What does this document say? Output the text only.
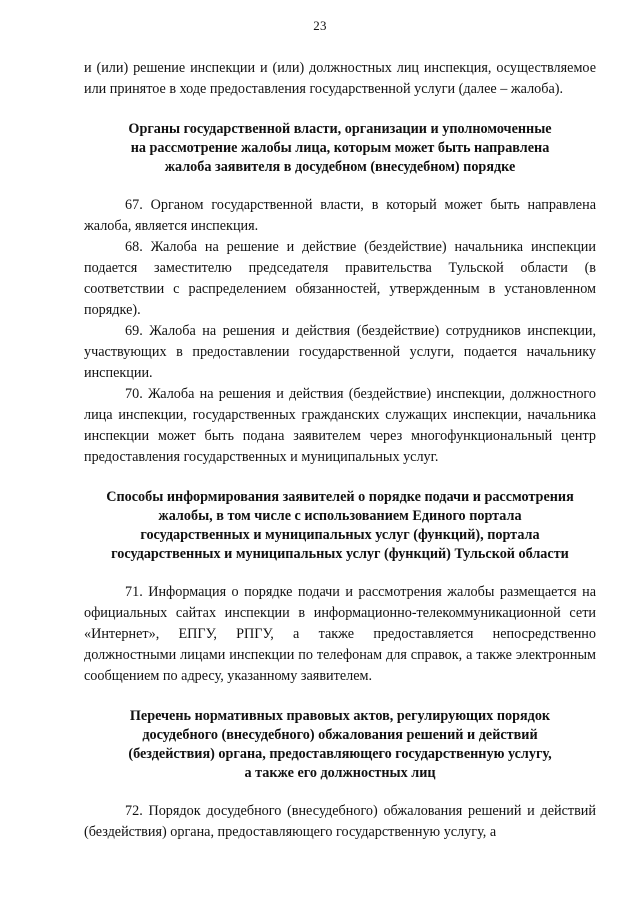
23

и (или) решение инспекции и (или) должностных лиц инспекция, осуществляемое или принятое в ходе предоставления государственной услуги (далее – жалоба).

Органы государственной власти, организации и уполномоченные
на рассмотрение жалобы лица, которым может быть направлена
жалоба заявителя в досудебном (внесудебном) порядке

67. Органом государственной власти, в который может быть направлена жалоба, является инспекция.

68. Жалоба на решение и действие (бездействие) начальника инспекции подается заместителю председателя правительства Тульской области (в соответствии с распределением обязанностей, утвержденным в установленном порядке).

69. Жалоба на решения и действия (бездействие) сотрудников инспекции, участвующих в предоставлении государственной услуги, подается начальнику инспекции.

70. Жалоба на решения и действия (бездействие) инспекции, должностного лица инспекции, государственных гражданских служащих инспекции, начальника инспекции может быть подана заявителем через многофункциональный центр предоставления государственных и муниципальных услуг.

Способы информирования заявителей о порядке подачи и рассмотрения
жалобы, в том числе с использованием Единого портала
государственных и муниципальных услуг (функций), портала
государственных и муниципальных услуг (функций) Тульской области

71. Информация о порядке подачи и рассмотрения жалобы размещается на официальных сайтах инспекции в информационно-телекоммуникационной сети «Интернет», ЕПГУ, РПГУ, а также предоставляется непосредственно должностными лицами инспекции по телефонам для справок, а также электронным сообщением по адресу, указанному заявителем.

Перечень нормативных правовых актов, регулирующих порядок
досудебного (внесудебного) обжалования решений и действий
(бездействия) органа, предоставляющего государственную услугу,
а также его должностных лиц

72. Порядок досудебного (внесудебного) обжалования решений и действий (бездействия) органа, предоставляющего государственную услугу, а
